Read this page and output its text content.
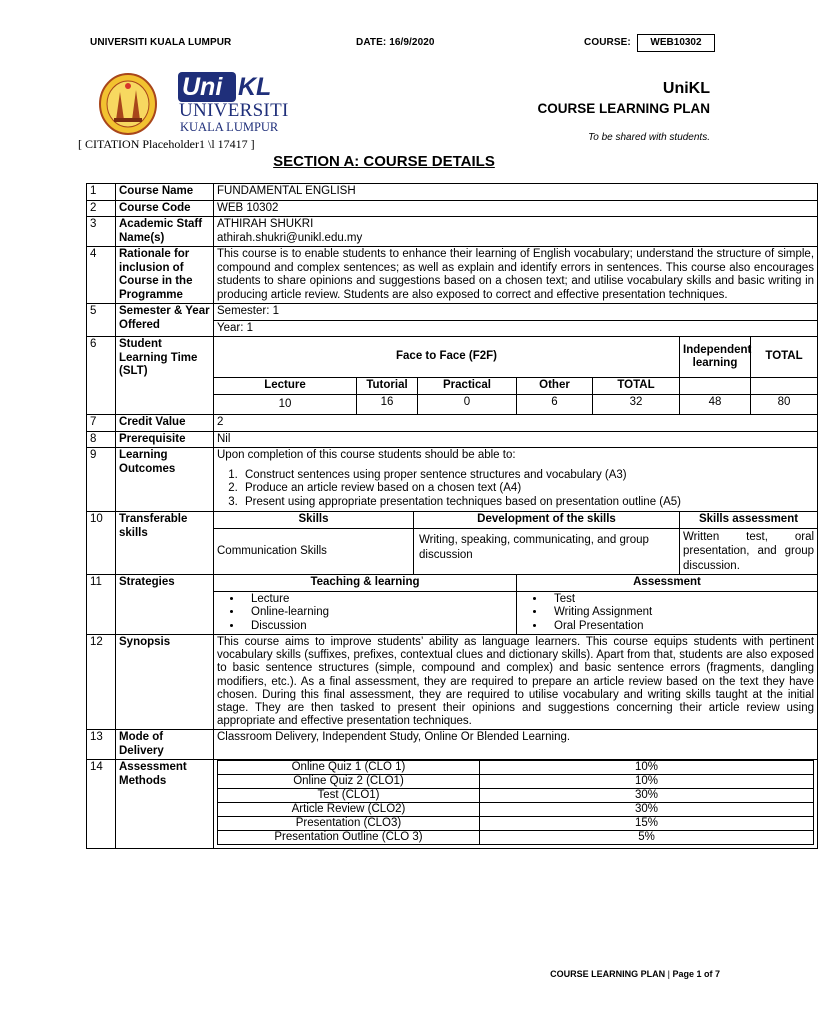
UNIVERSITI KUALA LUMPUR	DATE: 16/9/2020	COURSE:	WEB10302
Uni KL
UNIVERSITI
KUALA LUMPUR
UniKL
COURSE LEARNING PLAN
To be shared with students.
[ CITATION Placeholder1 \l 17417 ]
SECTION A: COURSE DETAILS
1	Course Name	FUNDAMENTAL ENGLISH
2	Course Code	WEB 10302
3	Academic Staff Name(s)	
ATHIRAH SHUKRI
athirah.shukri@unikl.edu.my

4	Rationale for inclusion of Course in the Programme	This course is to enable students to enhance their learning of English vocabulary; understand the structure of simple, compound and complex sentences; as well as explain and identify errors in sentences. This course also encourages students to share opinions and suggestions based on a chosen text; and utilise vocabulary skills and basic writing in producing article review. Students are also exposed to correct and effective presentation techniques.
5	Semester & Year Offered	Semester: 1
Year: 1
6	Student Learning Time (SLT)	Face to Face (F2F)	Independent learning	TOTAL
Lecture	Tutorial	Practical	Other	TOTAL		
10	16	0	6	32	48	80
7	Credit Value	2
8	Prerequisite	Nil
9	Learning Outcomes	
Upon completion of this course students should be able to:
1. Construct sentences using proper sentence structures and vocabulary (A3)
2. Produce an article review based on a chosen text (A4)
3. Present using appropriate presentation techniques based on presentation outline (A5)

10	Transferable skills	Skills	Development of the skills	Skills assessment
Communication Skills	Writing, speaking, communicating, and group discussion	Written test, oral presentation, and group discussion.
11	Strategies	Teaching & learning	Assessment

• Lecture
• Online-learning
• Discussion

• Test
• Writing Assignment
• Oral Presentation

12	Synopsis	This course aims to improve students’ ability as language learners. This course equips students with pertinent vocabulary skills (suffixes, prefixes, contextual clues and dictionary skills). Apart from that, students are also exposed to basic sentence structures (simple, compound and complex) and basic sentence errors (fragments, dangling modifiers, etc.). As a final assessment, they are required to prepare an article review based on the text they have chosen. During this final assessment, they are required to utilise vocabulary and writing skills taught at the initial stage. They are then tasked to present their opinions and suggestions concerning their article review using appropriate and effective presentation techniques.
13	Mode of Delivery	Classroom Delivery, Independent Study, Online Or Blended Learning.
14	Assessment Methods	
Online Quiz 1 (CLO 1)	10%
Online Quiz 2 (CLO1)	10%
Test (CLO1)	30%
Article Review (CLO2)	30%
Presentation (CLO3)	15%
Presentation Outline (CLO 3)	5%
COURSE LEARNING PLAN | Page 1 of 7
